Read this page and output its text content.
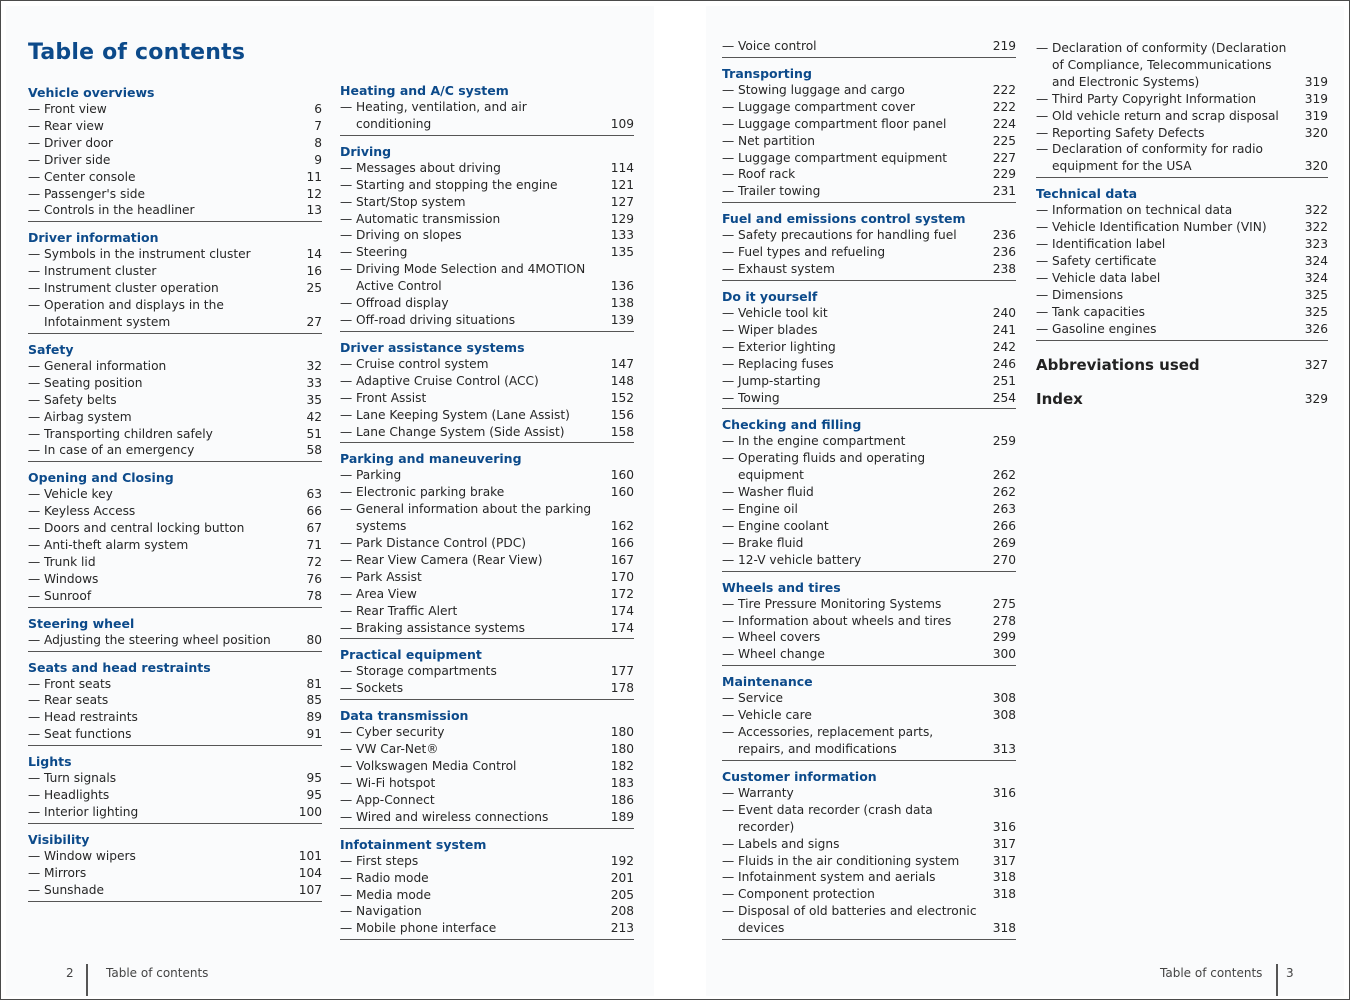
Table of contents
Vehicle overviews
— Front view	6
— Rear view	7
— Driver door	8
— Driver side	9
— Center console	11
— Passenger's side	12
— Controls in the headliner	13
Driver information
— Symbols in the instrument cluster	14
— Instrument cluster	16
— Instrument cluster operation	25
— Operation and displays in the Infotainment system	27
Safety
— General information	32
— Seating position	33
— Safety belts	35
— Airbag system	42
— Transporting children safely	51
— In case of an emergency	58
Opening and Closing
— Vehicle key	63
— Keyless Access	66
— Doors and central locking button	67
— Anti-theft alarm system	71
— Trunk lid	72
— Windows	76
— Sunroof	78
Steering wheel
— Adjusting the steering wheel position	80
Seats and head restraints
— Front seats	81
— Rear seats	85
— Head restraints	89
— Seat functions	91
Lights
— Turn signals	95
— Headlights	95
— Interior lighting	100
Visibility
— Window wipers	101
— Mirrors	104
— Sunshade	107
Heating and A/C system
— Heating, ventilation, and air conditioning	109
Driving
— Messages about driving	114
— Starting and stopping the engine	121
— Start/Stop system	127
— Automatic transmission	129
— Driving on slopes	133
— Steering	135
— Driving Mode Selection and 4MOTION Active Control	136
— Offroad display	138
— Off-road driving situations	139
Driver assistance systems
— Cruise control system	147
— Adaptive Cruise Control (ACC)	148
— Front Assist	152
— Lane Keeping System (Lane Assist)	156
— Lane Change System (Side Assist)	158
Parking and maneuvering
— Parking	160
— Electronic parking brake	160
— General information about the parking systems	162
— Park Distance Control (PDC)	166
— Rear View Camera (Rear View)	167
— Park Assist	170
— Area View	172
— Rear Traffic Alert	174
— Braking assistance systems	174
Practical equipment
— Storage compartments	177
— Sockets	178
Data transmission
— Cyber security	180
— VW Car-Net®	180
— Volkswagen Media Control	182
— Wi-Fi hotspot	183
— App-Connect	186
— Wired and wireless connections	189
Infotainment system
— First steps	192
— Radio mode	201
— Media mode	205
— Navigation	208
— Mobile phone interface	213
— Voice control	219
Transporting
— Stowing luggage and cargo	222
— Luggage compartment cover	222
— Luggage compartment floor panel	224
— Net partition	225
— Luggage compartment equipment	227
— Roof rack	229
— Trailer towing	231
Fuel and emissions control system
— Safety precautions for handling fuel	236
— Fuel types and refueling	236
— Exhaust system	238
Do it yourself
— Vehicle tool kit	240
— Wiper blades	241
— Exterior lighting	242
— Replacing fuses	246
— Jump-starting	251
— Towing	254
Checking and filling
— In the engine compartment	259
— Operating fluids and operating equipment	262
— Washer fluid	262
— Engine oil	263
— Engine coolant	266
— Brake fluid	269
— 12-V vehicle battery	270
Wheels and tires
— Tire Pressure Monitoring Systems	275
— Information about wheels and tires	278
— Wheel covers	299
— Wheel change	300
Maintenance
— Service	308
— Vehicle care	308
— Accessories, replacement parts, repairs, and modifications	313
Customer information
— Warranty	316
— Event data recorder (crash data recorder)	316
— Labels and signs	317
— Fluids in the air conditioning system	317
— Infotainment system and aerials	318
— Component protection	318
— Disposal of old batteries and electronic devices	318
— Declaration of conformity (Declaration of Compliance, Telecommunications and Electronic Systems)	319
— Third Party Copyright Information	319
— Old vehicle return and scrap disposal	319
— Reporting Safety Defects	320
— Declaration of conformity for radio equipment for the USA	320
Technical data
— Information on technical data	322
— Vehicle Identification Number (VIN)	322
— Identification label	323
— Safety certificate	324
— Vehicle data label	324
— Dimensions	325
— Tank capacities	325
— Gasoline engines	326
Abbreviations used	327
Index	329
2	Table of contents	Table of contents	3
